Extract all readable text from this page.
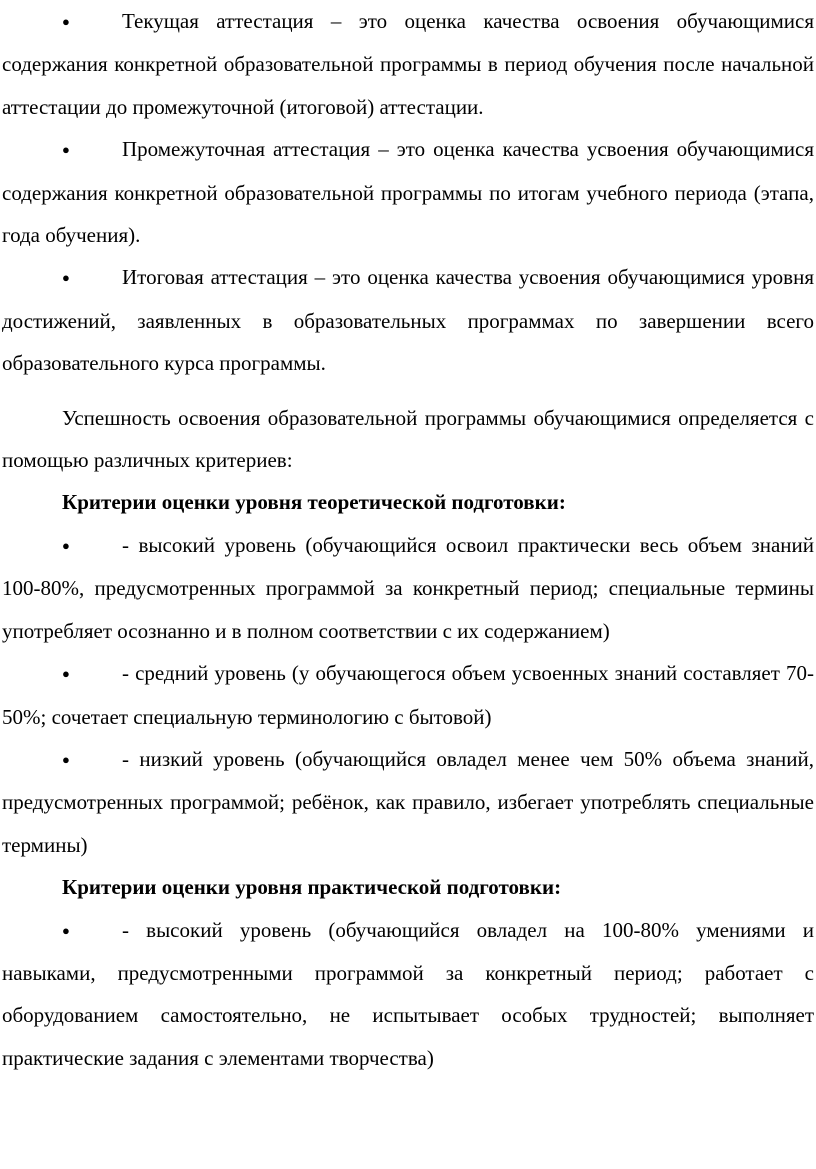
● Текущая аттестация – это оценка качества освоения обучающимися содержания конкретной образовательной программы в период обучения после начальной аттестации до промежуточной (итоговой) аттестации.

● Промежуточная аттестация – это оценка качества усвоения обучающимися содержания конкретной образовательной программы по итогам учебного периода (этапа, года обучения).

● Итоговая аттестация – это оценка качества усвоения обучающимися уровня достижений, заявленных в образовательных программах по завершении всего образовательного курса программы.

Успешность освоения образовательной программы обучающимися определяется с помощью различных критериев:

Критерии оценки уровня теоретической подготовки:

● - высокий уровень (обучающийся освоил практически весь объем знаний 100-80%, предусмотренных программой за конкретный период; специальные термины употребляет осознанно и в полном соответствии с их содержанием)

● - средний уровень (у обучающегося объем усвоенных знаний составляет 70-50%; сочетает специальную терминологию с бытовой)

● - низкий уровень (обучающийся овладел менее чем 50% объема знаний, предусмотренных программой; ребёнок, как правило, избегает употреблять специальные термины)

Критерии оценки уровня практической подготовки:

● - высокий уровень (обучающийся овладел на 100-80% умениями и навыками, предусмотренными программой за конкретный период; работает с оборудованием самостоятельно, не испытывает особых трудностей; выполняет практические задания с элементами творчества)
